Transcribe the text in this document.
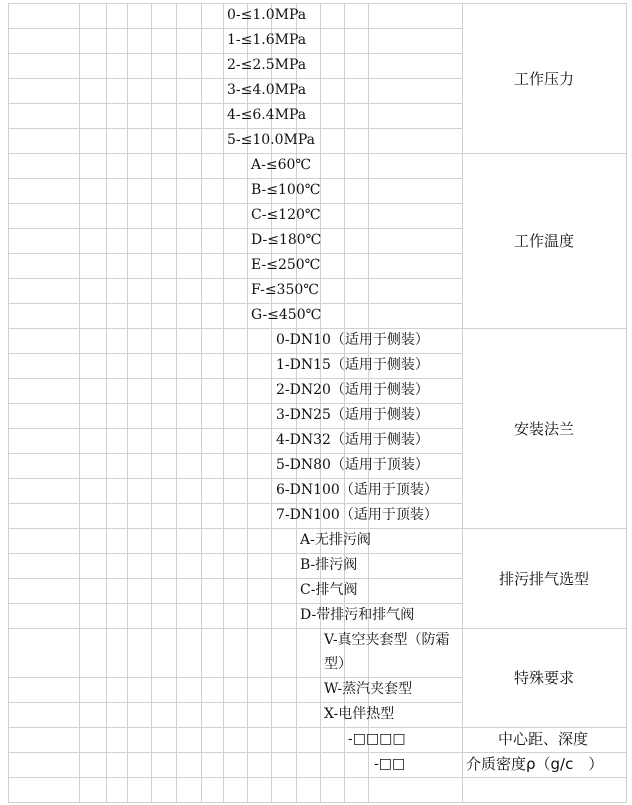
0-≤1.0MPa
1-≤1.6MPa
2-≤2.5MPa
3-≤4.0MPa
4-≤6.4MPa
5-≤10.0MPa
工作压力
A-≤60℃
B-≤100℃
C-≤120℃
D-≤180℃
E-≤250℃
F-≤350℃
G-≤450℃
工作温度
0-DN10（适用于侧装）
1-DN15（适用于侧装）
2-DN20（适用于侧装）
3-DN25（适用于侧装）
4-DN32（适用于侧装）
5-DN80（适用于顶装）
6-DN100（适用于顶装）
7-DN100（适用于顶装）
安装法兰
A-无排污阀
B-排污阀
C-排气阀
D-带排污和排气阀
排污排气选型
V-真空夹套型（防霜型）
W-蒸汽夹套型
X-电伴热型
特殊要求
-□□□□	中心距、深度
-□□	介质密度ρ（g/c　）
